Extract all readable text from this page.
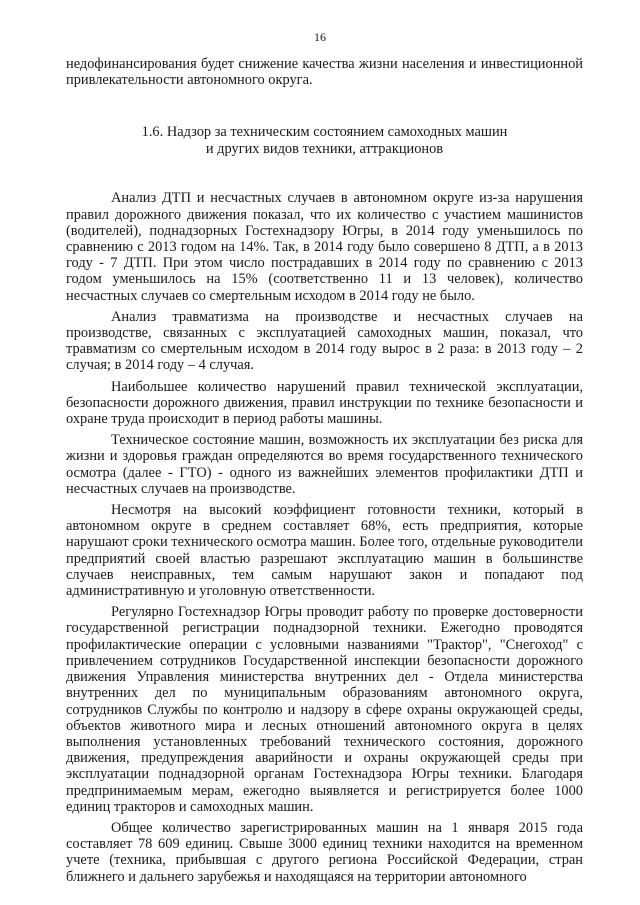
16

недофинансирования будет снижение качества жизни населения и инвестиционной привлекательности автономного округа.

1.6. Надзор за техническим состоянием самоходных машин
и других видов техники, аттракционов

Анализ ДТП и несчастных случаев в автономном округе из-за нарушения правил дорожного движения показал, что их количество с участием машинистов (водителей), поднадзорных Гостехнадзору Югры, в 2014 году уменьшилось по сравнению с 2013 годом на 14%. Так, в 2014 году было совершено 8 ДТП, а в 2013 году - 7 ДТП. При этом число пострадавших в 2014 году по сравнению с 2013 годом уменьшилось на 15% (соответственно 11 и 13 человек), количество несчастных случаев со смертельным исходом в 2014 году не было.

Анализ травматизма на производстве и несчастных случаев на производстве, связанных с эксплуатацией самоходных машин, показал, что травматизм со смертельным исходом в 2014 году вырос в 2 раза: в 2013 году – 2 случая; в 2014 году – 4 случая.

Наибольшее количество нарушений правил технической эксплуатации, безопасности дорожного движения, правил инструкции по технике безопасности и охране труда происходит в период работы машины.

Техническое состояние машин, возможность их эксплуатации без риска для жизни и здоровья граждан определяются во время государственного технического осмотра (далее - ГТО) - одного из важнейших элементов профилактики ДТП и несчастных случаев на производстве.

Несмотря на высокий коэффициент готовности техники, который в автономном округе в среднем составляет 68%, есть предприятия, которые нарушают сроки технического осмотра машин. Более того, отдельные руководители предприятий своей властью разрешают эксплуатацию машин в большинстве случаев неисправных, тем самым нарушают закон и попадают под административную и уголовную ответственности.

Регулярно Гостехнадзор Югры проводит работу по проверке достоверности государственной регистрации поднадзорной техники. Ежегодно проводятся профилактические операции с условными названиями "Трактор", "Снегоход" с привлечением сотрудников Государственной инспекции безопасности дорожного движения Управления министерства внутренних дел - Отдела министерства внутренних дел по муниципальным образованиям автономного округа, сотрудников Службы по контролю и надзору в сфере охраны окружающей среды, объектов животного мира и лесных отношений автономного округа в целях выполнения установленных требований технического состояния, дорожного движения, предупреждения аварийности и охраны окружающей среды при эксплуатации поднадзорной органам Гостехнадзора Югры техники. Благодаря предпринимаемым мерам, ежегодно выявляется и регистрируется более 1000 единиц тракторов и самоходных машин.

Общее количество зарегистрированных машин на 1 января 2015 года составляет 78 609 единиц. Свыше 3000 единиц техники находится на временном учете (техника, прибывшая с другого региона Российской Федерации, стран ближнего и дальнего зарубежья и находящаяся на территории автономного
